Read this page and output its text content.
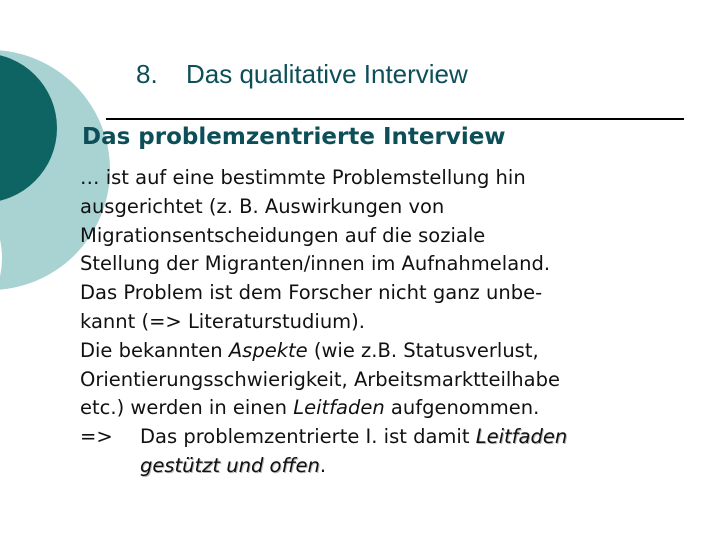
8. Das qualitative Interview
Das problemzentrierte Interview

… ist auf eine bestimmte Problemstellung hin

ausgerichtet (z. B. Auswirkungen von

Migrationsentscheidungen auf die soziale

Stellung der Migranten/innen im Aufnahmeland.

Das Problem ist dem Forscher nicht ganz unbe-

kannt (=> Literaturstudium).

Die bekannten Aspekte (wie z.B. Statusverlust,

Orientierungsschwierigkeit, Arbeitsmarktteilhabe

etc.) werden in einen Leitfaden aufgenommen.

=>	Das problemzentrierte I. ist damit Leitfaden

gestützt und offen.
